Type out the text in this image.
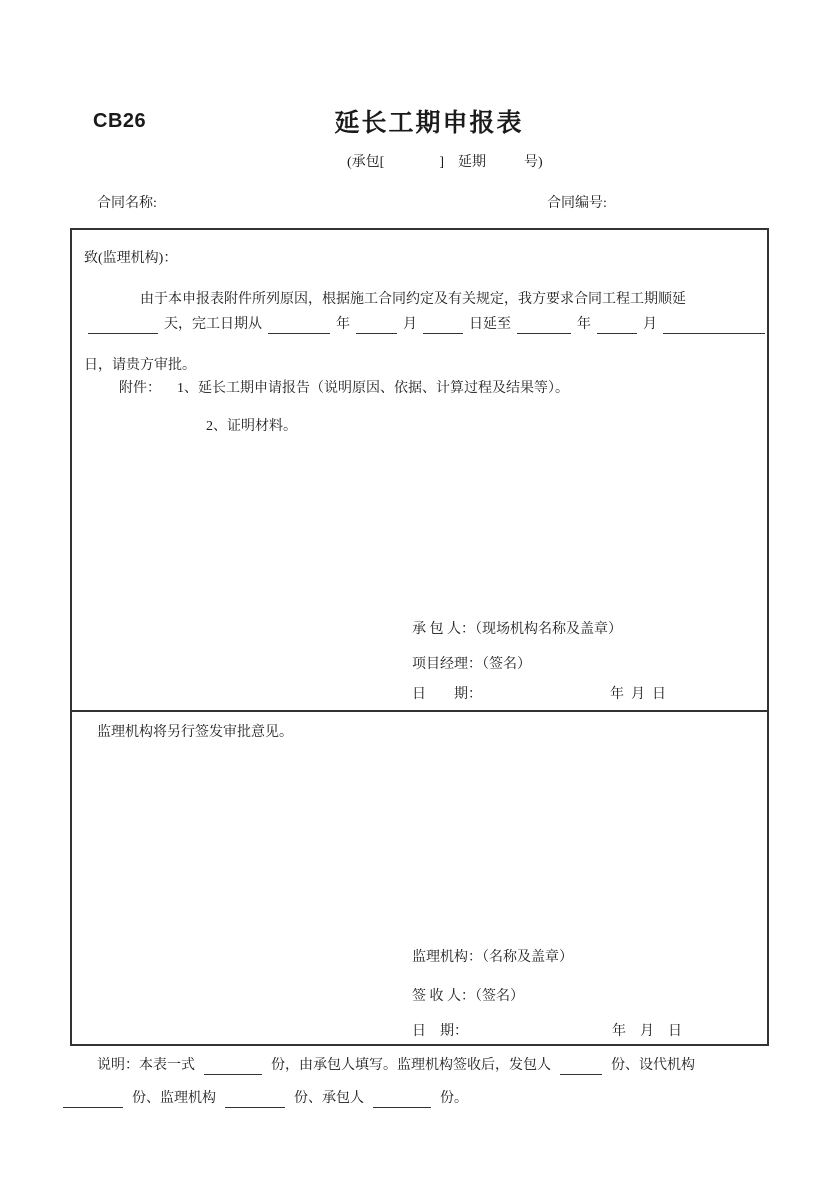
CB26	延长工期申报表
(承包[	]　延期	号)
合同名称:	合同编号:
致(监理机构)：
由于本申报表附件所列原因，根据施工合同约定及有关规定，我方要求合同工程工期顺延
天，完工日期从	年	月	日延至	年	月
日，请贵方审批。
附件： 1、延长工期申请报告（说明原因、依据、计算过程及结果等）。
2、证明材料。
承 包 人：（现场机构名称及盖章）
项目经理：（签名）
日　　期：	年  月  日
监理机构将另行签发审批意见。
监理机构：（名称及盖章）
签 收 人：（签名）
日　期：	年　月　日
说明：本表一式	份，由承包人填写。监理机构签收后，发包人	份、设代机构
份、监理机构	份、承包人	份。
